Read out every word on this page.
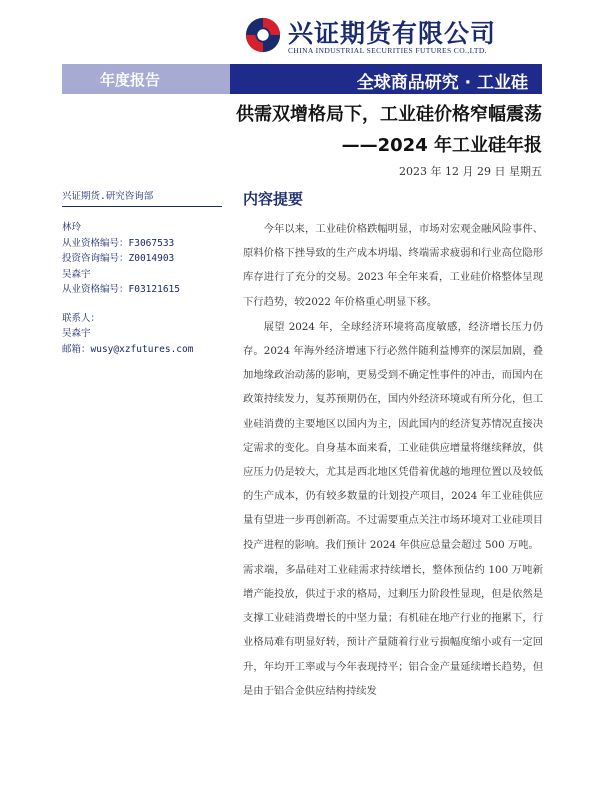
兴证期货有限公司
CHINA INDUSTRIAL SECURITIES FUTURES CO.,LTD.
年度报告	全球商品研究 · 工业硅
供需双增格局下，工业硅价格窄幅震荡
——2024 年工业硅年报
2023 年 12 月 29 日 星期五
兴证期货.研究咨询部
林玲
从业资格编号：F3067533
投资咨询编号：Z0014903
吴森宇
从业资格编号：F03121615
联系人：
吴森宇
邮箱：wusy@xzfutures.com
内容提要

今年以来，工业硅价格跌幅明显，市场对宏观金融风险事件、原料价格下挫导致的生产成本坍塌、终端需求疲弱和行业高位隐形库存进行了充分的交易。2023 年全年来看，工业硅价格整体呈现下行趋势，较2022 年价格重心明显下移。

展望 2024 年，全球经济环境将高度敏感，经济增长压力仍存。2024 年海外经济增速下行必然伴随利益博弈的深层加剧，叠加地缘政治动荡的影响，更易受到不确定性事件的冲击，而国内在政策持续发力，复苏预期仍在，国内外经济环境或有所分化，但工业硅消费的主要地区以国内为主，因此国内的经济复苏情况直接决定需求的变化。自身基本面来看，工业硅供应增量将继续释放，供应压力仍是较大，尤其是西北地区凭借着优越的地理位置以及较低的生产成本，仍有较多数量的计划投产项目，2024 年工业硅供应量有望进一步再创新高。不过需要重点关注市场环境对工业硅项目投产进程的影响。我们预计 2024 年供应总量会超过 500 万吨。

需求端，多晶硅对工业硅需求持续增长，整体预估约 100 万吨新增产能投放，供过于求的格局，过剩压力阶段性显现，但是依然是支撑工业硅消费增长的中坚力量；有机硅在地产行业的拖累下，行业格局难有明显好转，预计产量随着行业亏损幅度缩小或有一定回升，年均开工率或与今年表现持平；铝合金产量延续增长趋势，但是由于铝合金供应结构持续发
